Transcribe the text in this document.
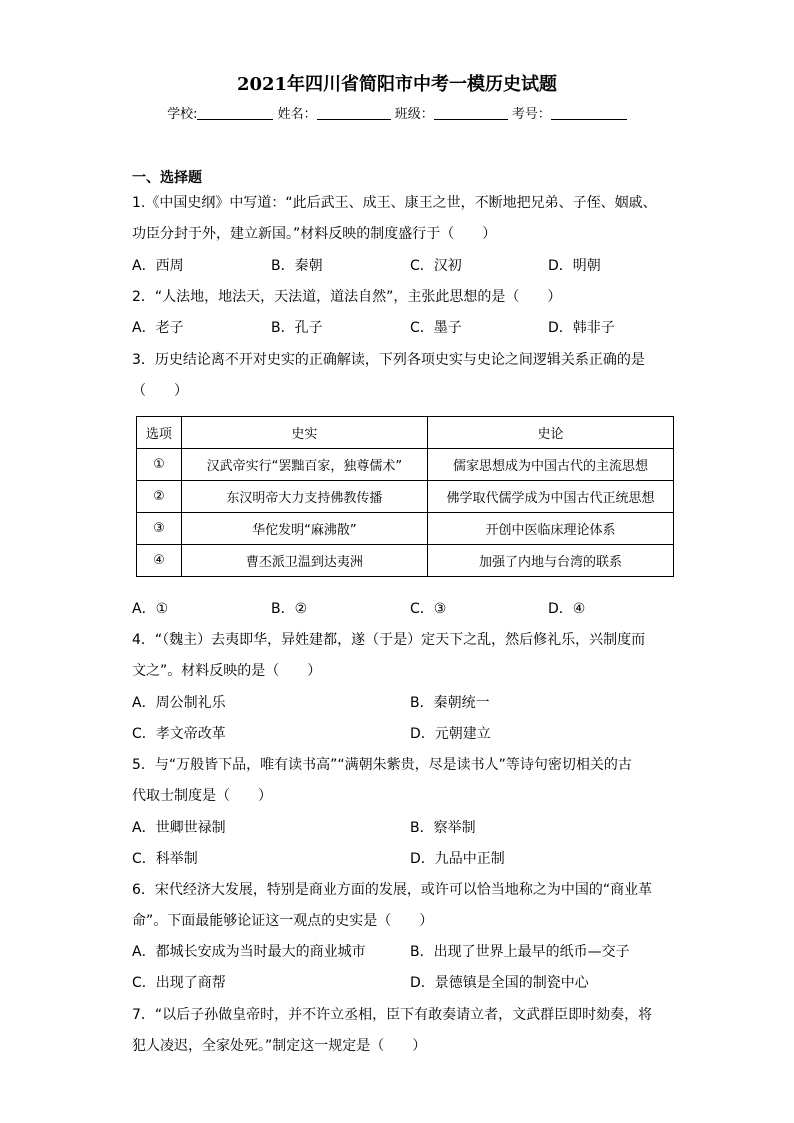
2021年四川省简阳市中考一模历史试题
学校:	姓名：	班级：	考号：
一、选择题
1.《中国史纲》中写道：“此后武王、成王、康王之世，不断地把兄弟、子侄、姻戚、
功臣分封于外，建立新国。”材料反映的制度盛行于（　　）
A．西周	B．秦朝	C．汉初	D．明朝
2．“人法地，地法天，天法道，道法自然”，主张此思想的是（　　）
A．老子	B．孔子	C．墨子	D．韩非子
3．历史结论离不开对史实的正确解读，下列各项史实与史论之间逻辑关系正确的是
（　　）
选项	史实	史论
①	汉武帝实行“罢黜百家，独尊儒术”	儒家思想成为中国古代的主流思想
②	东汉明帝大力支持佛教传播	佛学取代儒学成为中国古代正统思想
③	华佗发明“麻沸散”	开创中医临床理论体系
④	曹丕派卫温到达夷洲	加强了内地与台湾的联系
A．①	B．②	C．③	D．④
4．“（魏主）去夷即华，异姓建都，遂（于是）定天下之乱，然后修礼乐，兴制度而
文之”。材料反映的是（　　）
A．周公制礼乐	B．秦朝统一
C．孝文帝改革	D．元朝建立
5．与“万般皆下品，唯有读书高”“满朝朱紫贵，尽是读书人”等诗句密切相关的古
代取士制度是（　　）
A．世卿世禄制	B．察举制
C．科举制	D．九品中正制
6．宋代经济大发展，特别是商业方面的发展，或许可以恰当地称之为中国的“商业革
命”。下面最能够论证这一观点的史实是（　　）
A．都城长安成为当时最大的商业城市	B．出现了世界上最早的纸币—交子
C．出现了商帮	D．景德镇是全国的制瓷中心
7．“以后子孙做皇帝时，并不许立丞相，臣下有敢奏请立者，文武群臣即时劾奏，将
犯人凌迟，全家处死。”制定这一规定是（　　）
